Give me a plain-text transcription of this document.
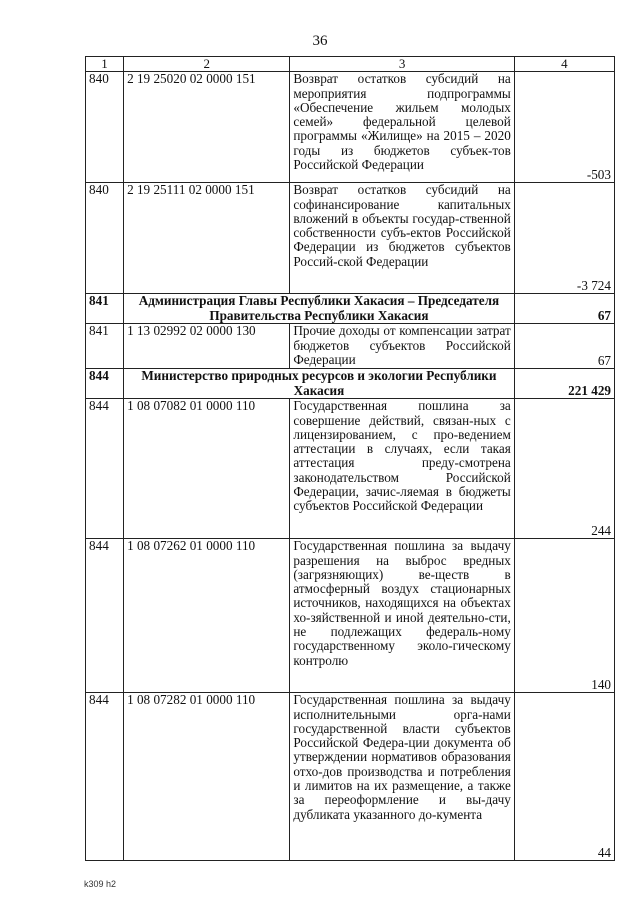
36
1	2	3	4
840	2 19 25020 02 0000 151	Возврат остатков субсидий на мероприятия подпрограммы «Обеспечение жильем молодых семей» федеральной целевой программы «Жилище» на 2015 – 2020 годы из бюджетов субъек-тов Российской Федерации	-503
840	2 19 25111 02 0000 151	Возврат остатков субсидий на софинансирование капитальных вложений в объекты государ-ственной собственности субъ-ектов Российской Федерации из бюджетов субъектов Россий-ской Федерации	-3 724
841	Администрация Главы Республики Хакасия – Председателя Правительства Республики Хакасия		67
841	1 13 02992 02 0000 130	Прочие доходы от компенсации затрат бюджетов субъектов Российской Федерации	67
844	Министерство природных ресурсов и экологии Республики Хакасия		221 429
844	1 08 07082 01 0000 110	Государственная пошлина за совершение действий, связан-ных с лицензированием, с про-ведением аттестации в случаях, если такая аттестация преду-смотрена законодательством Российской Федерации, зачис-ляемая в бюджеты субъектов Российской Федерации	244
844	1 08 07262 01 0000 110	Государственная пошлина за выдачу разрешения на выброс вредных (загрязняющих) ве-ществ в атмосферный воздух стационарных источников, находящихся на объектах хо-зяйственной и иной деятельно-сти, не подлежащих федераль-ному государственному эколо-гическому контролю	140
844	1 08 07282 01 0000 110	Государственная пошлина за выдачу исполнительными орга-нами государственной власти субъектов Российской Федера-ции документа об утверждении нормативов образования отхо-дов производства и потребления и лимитов на их размещение, а также за переоформление и вы-дачу дубликата указанного до-кумента	44
k309 h2
